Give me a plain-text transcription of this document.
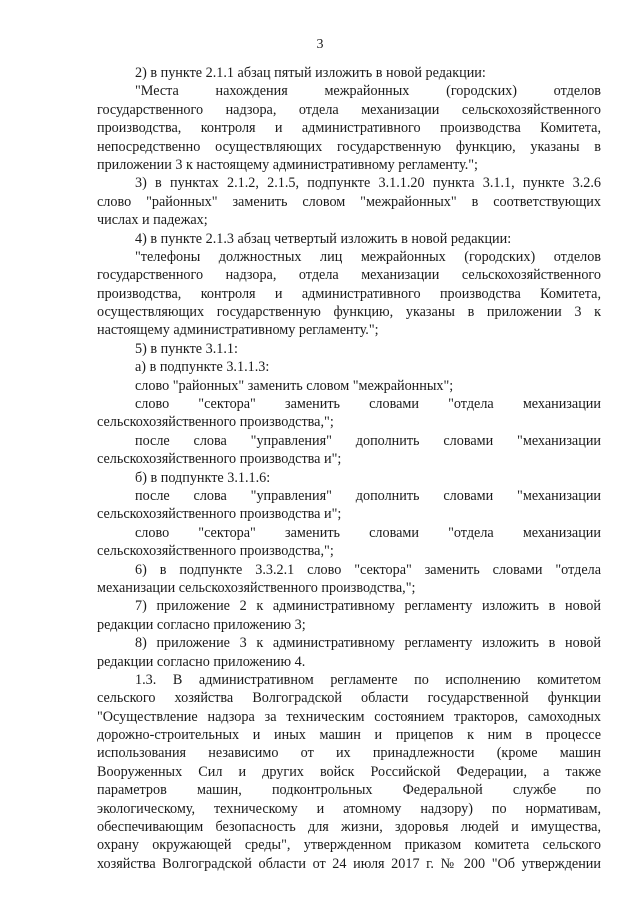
3
2) в пункте 2.1.1 абзац пятый изложить в новой редакции:
"Места нахождения межрайонных (городских) отделов
государственного надзора, отдела механизации сельскохозяйственного
производства, контроля и административного производства Комитета,
непосредственно осуществляющих государственную функцию, указаны в
приложении 3 к настоящему административному регламенту.";
3) в пунктах 2.1.2, 2.1.5, подпункте 3.1.1.20 пункта 3.1.1, пункте 3.2.6
слово "районных" заменить словом "межрайонных" в соответствующих
числах и падежах;
4) в пункте 2.1.3 абзац четвертый изложить в новой редакции:
"телефоны должностных лиц межрайонных (городских) отделов
государственного надзора, отдела механизации сельскохозяйственного
производства, контроля и административного производства Комитета,
осуществляющих государственную функцию, указаны в приложении 3 к
настоящему административному регламенту.";
5) в пункте 3.1.1:
а) в подпункте 3.1.1.3:
слово "районных" заменить словом "межрайонных";
слово "сектора" заменить словами "отдела механизации
сельскохозяйственного производства,";
после слова "управления" дополнить словами "механизации
сельскохозяйственного производства и";
б) в подпункте 3.1.1.6:
после слова "управления" дополнить словами "механизации
сельскохозяйственного производства и";
слово "сектора" заменить словами "отдела механизации
сельскохозяйственного производства,";
6) в подпункте 3.3.2.1 слово "сектора" заменить словами "отдела
механизации сельскохозяйственного производства,";
7) приложение 2 к административному регламенту изложить в новой
редакции согласно приложению 3;
8) приложение 3 к административному регламенту изложить в новой
редакции согласно приложению 4.
1.3. В административном регламенте по исполнению комитетом
сельского хозяйства Волгоградской области государственной функции
"Осуществление надзора за техническим состоянием тракторов, самоходных
дорожно-строительных и иных машин и прицепов к ним в процессе
использования независимо от их принадлежности (кроме машин
Вооруженных Сил и других войск Российской Федерации, а также
параметров машин, подконтрольных Федеральной службе по
экологическому, техническому и атомному надзору) по нормативам,
обеспечивающим безопасность для жизни, здоровья людей и имущества,
охрану окружающей среды", утвержденном приказом комитета сельского
хозяйства Волгоградской области от 24 июля 2017 г. № 200 "Об утверждении
